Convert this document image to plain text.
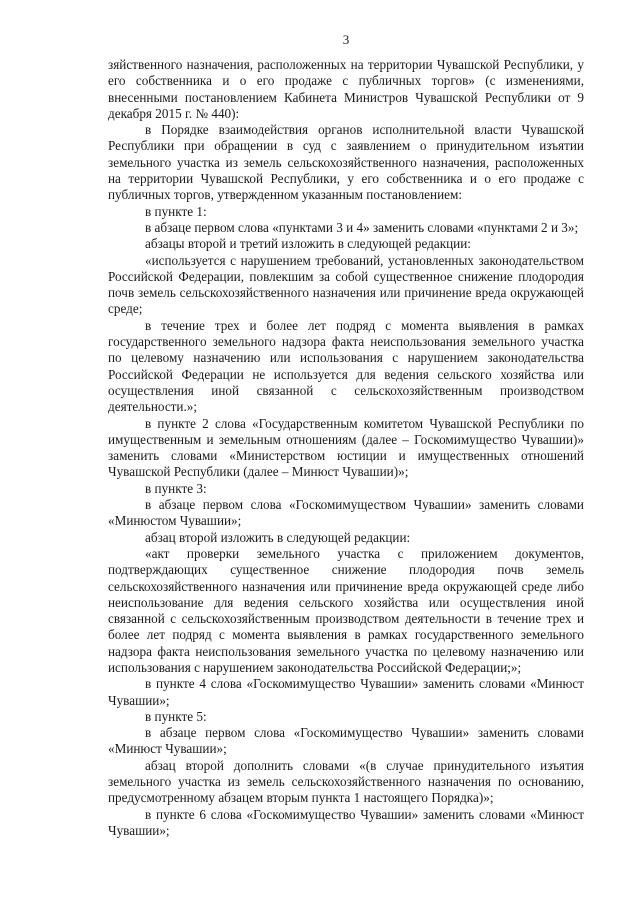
3

зяйственного назначения, расположенных на территории Чувашской Республики, у его собственника и о его продаже с публичных торгов» (с изменениями, внесенными постановлением Кабинета Министров Чувашской Республики от 9 декабря 2015 г. № 440):

в Порядке взаимодействия органов исполнительной власти Чувашской Республики при обращении в суд с заявлением о принудительном изъятии земельного участка из земель сельскохозяйственного назначения, расположенных на территории Чувашской Республики, у его собственника и о его продаже с публичных торгов, утвержденном указанным постановлением:

в пункте 1:

в абзаце первом слова «пунктами 3 и 4» заменить словами «пунктами 2 и 3»;

абзацы второй и третий изложить в следующей редакции:

«используется с нарушением требований, установленных законодательством Российской Федерации, повлекшим за собой существенное снижение плодородия почв земель сельскохозяйственного назначения или причинение вреда окружающей среде;

в течение трех и более лет подряд с момента выявления в рамках государственного земельного надзора факта неиспользования земельного участка по целевому назначению или использования с нарушением законодательства Российской Федерации не используется для ведения сельского хозяйства или осуществления иной связанной с сельскохозяйственным производством деятельности.»;

в пункте 2 слова «Государственным комитетом Чувашской Республики по имущественным и земельным отношениям (далее – Госкомимущество Чувашии)» заменить словами «Министерством юстиции и имущественных отношений Чувашской Республики (далее – Минюст Чувашии)»;

в пункте 3:

в абзаце первом слова «Госкомимуществом Чувашии» заменить словами «Минюстом Чувашии»;

абзац второй изложить в следующей редакции:

«акт проверки земельного участка с приложением документов, подтверждающих существенное снижение плодородия почв земель сельскохозяйственного назначения или причинение вреда окружающей среде либо неиспользование для ведения сельского хозяйства или осуществления иной связанной с сельскохозяйственным производством деятельности в течение трех и более лет подряд с момента выявления в рамках государственного земельного надзора факта неиспользования земельного участка по целевому назначению или использования с нарушением законодательства Российской Федерации;»;

в пункте 4 слова «Госкомимущество Чувашии» заменить словами «Минюст Чувашии»;

в пункте 5:

в абзаце первом слова «Госкомимущество Чувашии» заменить словами «Минюст Чувашии»;

абзац второй дополнить словами «(в случае принудительного изъятия земельного участка из земель сельскохозяйственного назначения по основанию, предусмотренному абзацем вторым пункта 1 настоящего Порядка)»;

в пункте 6 слова «Госкомимущество Чувашии» заменить словами «Минюст Чувашии»;
